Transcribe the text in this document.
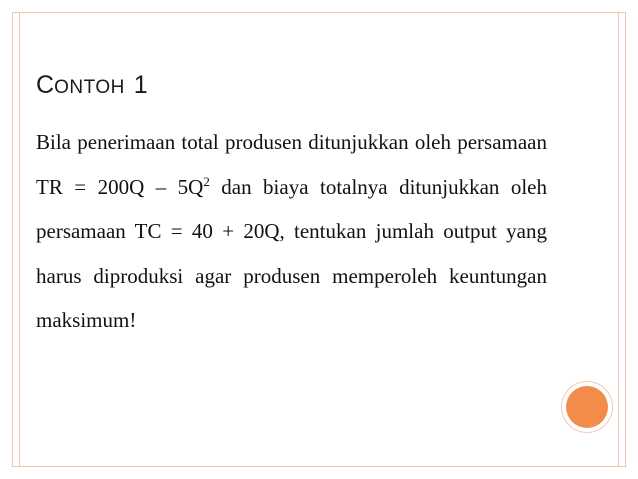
CONTOH 1

Bila penerimaan total produsen ditunjukkan oleh persamaan TR = $200Q - 5Q^2$ dan biaya totalnya ditunjukkan oleh persamaan TC = 40 + 20Q, tentukan jumlah output yang harus diproduksi agar produsen memperoleh keuntungan maksimum!
